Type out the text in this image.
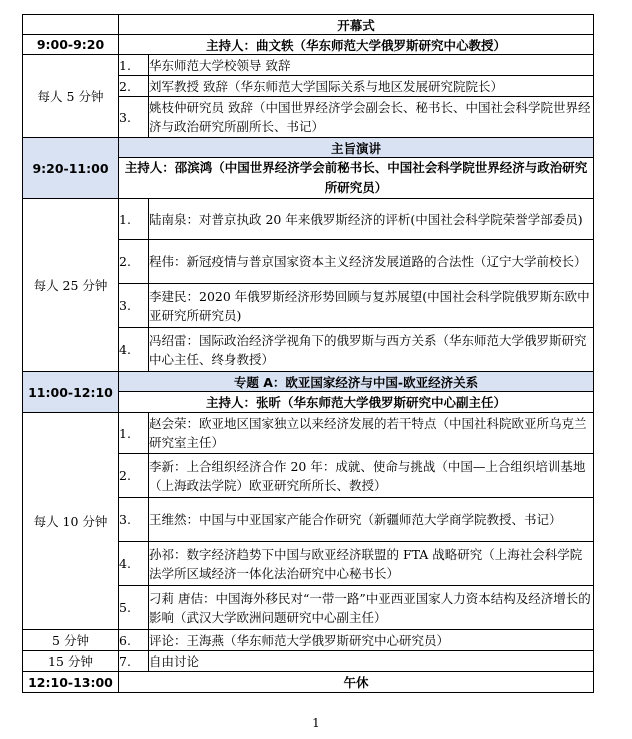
	开幕式	
9:00-9:20	主持人：曲文轶（华东师范大学俄罗斯研究中心教授）	
每人 5 分钟	1.	华东师范大学校领导 致辞
	2.	刘军教授 致辞（华东师范大学国际关系与地区发展研究院院长）
	3.	姚枝仲研究员 致辞（中国世界经济学会副会长、秘书长、中国社会科学院世界经济与政治研究所副所长、书记）
9:20-11:00	主旨演讲	
	主持人：邵滨鸿（中国世界经济学会前秘书长、中国社会科学院世界经济与政治研究所研究员）	
每人 25 分钟	1.	陆南泉：对普京执政 20 年来俄罗斯经济的评析(中国社会科学院荣誉学部委员)
	2.	程伟：新冠疫情与普京国家资本主义经济发展道路的合法性（辽宁大学前校长）
	3.	李建民：2020 年俄罗斯经济形势回顾与复苏展望(中国社会科学院俄罗斯东欧中亚研究所研究员)
	4.	冯绍雷：国际政治经济学视角下的俄罗斯与西方关系（华东师范大学俄罗斯研究中心主任、终身教授）
11:00-12:10	专题 A：欧亚国家经济与中国-欧亚经济关系	
	主持人：张昕（华东师范大学俄罗斯研究中心副主任）	
每人 10 分钟	1.	赵会荣：欧亚地区国家独立以来经济发展的若干特点（中国社科院欧亚所乌克兰研究室主任）
	2.	李新：上合组织经济合作 20 年：成就、使命与挑战（中国—上合组织培训基地（上海政法学院）欧亚研究所所长、教授）
	3.	王维然：中国与中亚国家产能合作研究（新疆师范大学商学院教授、书记）
	4.	孙祁：数字经济趋势下中国与欧亚经济联盟的 FTA 战略研究（上海社会科学院法学所区域经济一体化法治研究中心秘书长）
	5.	刁莉 唐佶：中国海外移民对“一带一路”中亚西亚国家人力资本结构及经济增长的影响（武汉大学欧洲问题研究中心副主任）
5 分钟	6.	评论：王海燕（华东师范大学俄罗斯研究中心研究员）
15 分钟	7.	自由讨论
12:10-13:00	午休	
1
